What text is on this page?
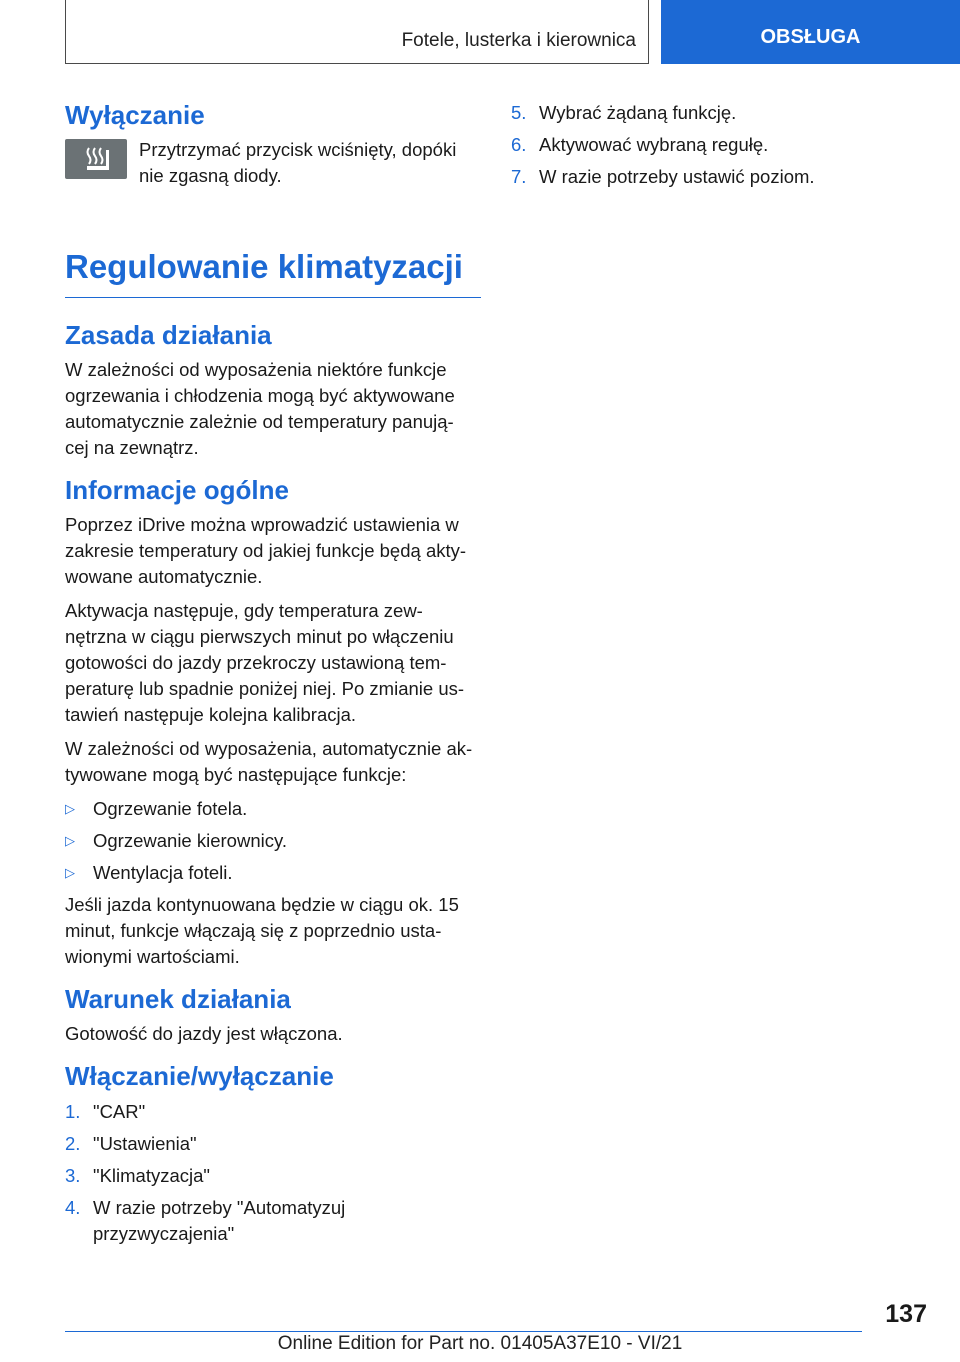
Fotele, lusterka i kierownica	OBSŁUGA
Wyłączanie

Przytrzymać przycisk wciśnięty, dopóki nie zgasną diody.

Regulowanie klimatyzacji
Zasada działania

W zależności od wyposażenia niektóre funkcje ogrzewania i chłodzenia mogą być aktywowane automatycznie zależnie od temperatury panują- cej na zewnątrz.

Informacje ogólne

Poprzez iDrive można wprowadzić ustawienia w zakresie temperatury od jakiej funkcje będą akty- wowane automatycznie.

Aktywacja następuje, gdy temperatura zew- nętrzna w ciągu pierwszych minut po włączeniu gotowości do jazdy przekroczy ustawioną tem- peraturę lub spadnie poniżej niej. Po zmianie us- tawień następuje kolejna kalibracja.

W zależności od wyposażenia, automatycznie ak- tywowane mogą być następujące funkcje:

▷ Ogrzewanie fotela.
▷ Ogrzewanie kierownicy.
▷ Wentylacja foteli.

Jeśli jazda kontynuowana będzie w ciągu ok. 15 minut, funkcje włączają się z poprzednio usta- wionymi wartościami.

Warunek działania

Gotowość do jazdy jest włączona.

Włączanie/wyłączanie
1. "CAR"
2. "Ustawienia"
3. "Klimatyzacja"
4. W razie potrzeby "Automatyzuj przyzwyczajenia"
5. Wybrać żądaną funkcję.
6. Aktywować wybraną regułę.
7. W razie potrzeby ustawić poziom.
137
Online Edition for Part no. 01405A37E10 - VI/21
